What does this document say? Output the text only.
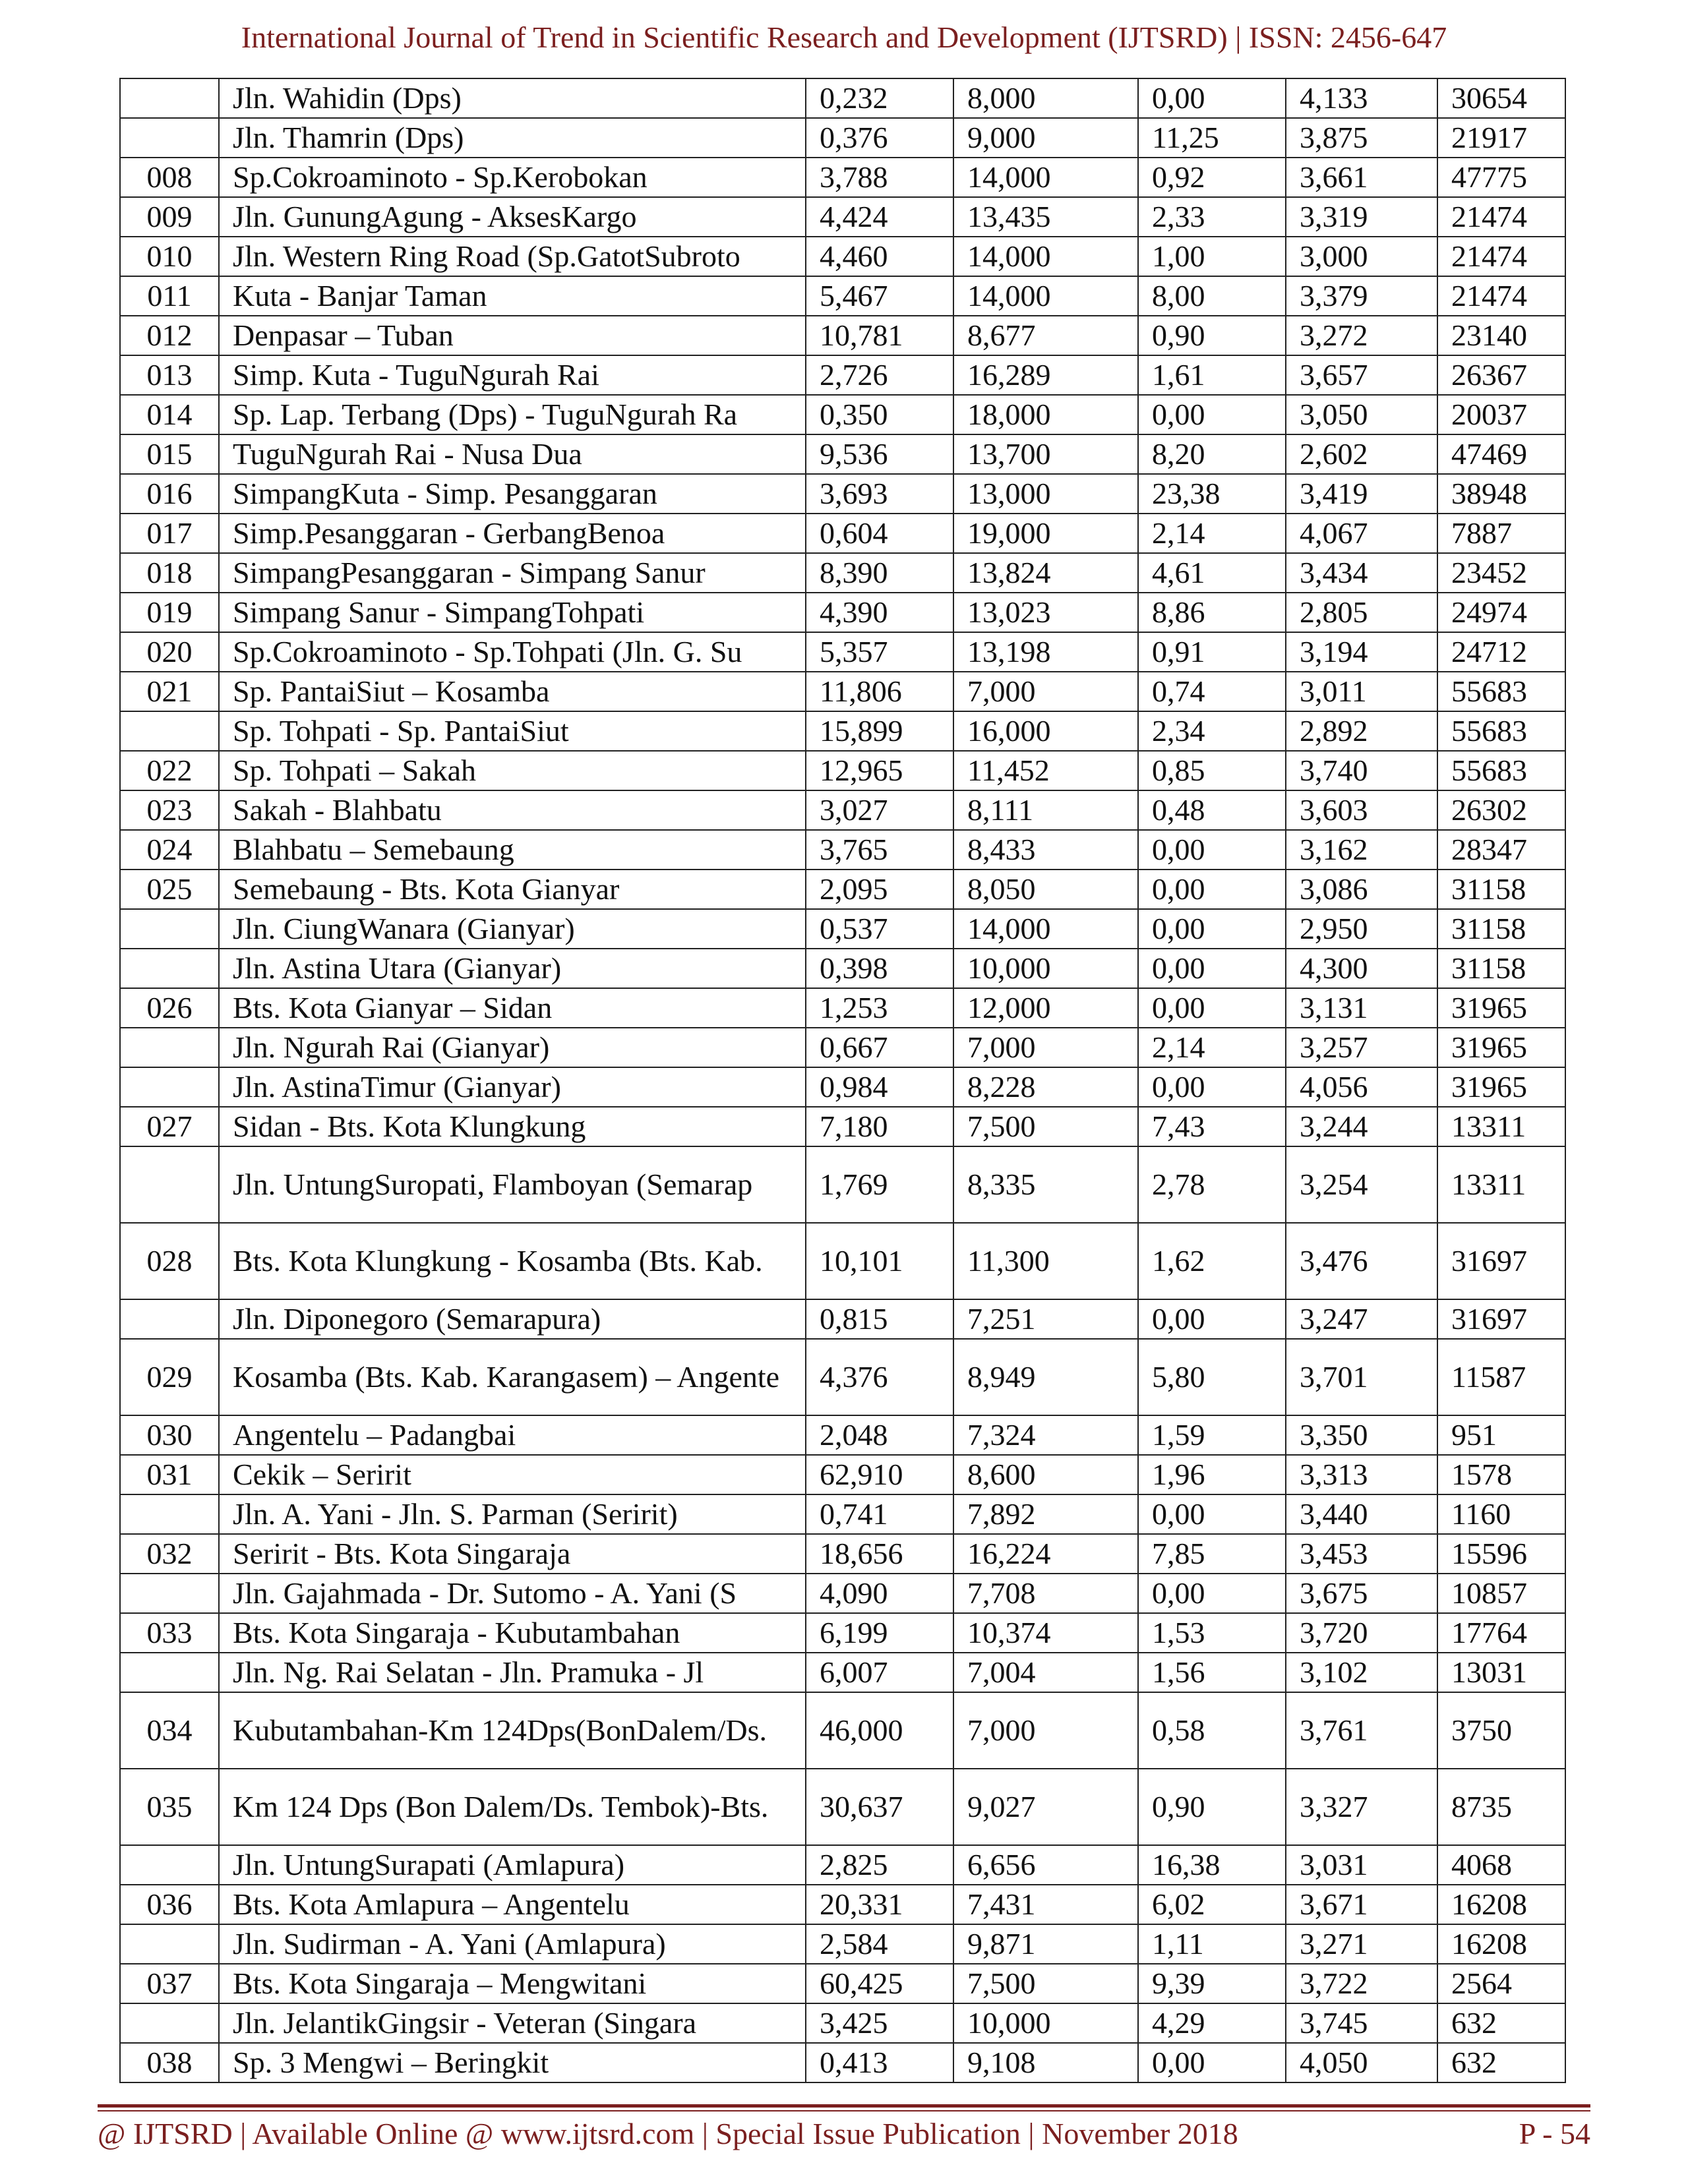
International Journal of Trend in Scientific Research and Development (IJTSRD) | ISSN: 2456-647
	Jln. Wahidin (Dps)	0,232	8,000	0,00	4,133	30654
	Jln. Thamrin (Dps)	0,376	9,000	11,25	3,875	21917
008	Sp.Cokroaminoto - Sp.Kerobokan	3,788	14,000	0,92	3,661	47775
009	Jln. GunungAgung - AksesKargo	4,424	13,435	2,33	3,319	21474
010	Jln. Western Ring Road (Sp.GatotSubroto	4,460	14,000	1,00	3,000	21474
011	Kuta - Banjar Taman	5,467	14,000	8,00	3,379	21474
012	Denpasar – Tuban	10,781	8,677	0,90	3,272	23140
013	Simp. Kuta - TuguNgurah Rai	2,726	16,289	1,61	3,657	26367
014	Sp. Lap. Terbang (Dps) - TuguNgurah Ra	0,350	18,000	0,00	3,050	20037
015	TuguNgurah Rai - Nusa Dua	9,536	13,700	8,20	2,602	47469
016	SimpangKuta - Simp. Pesanggaran	3,693	13,000	23,38	3,419	38948
017	Simp.Pesanggaran - GerbangBenoa	0,604	19,000	2,14	4,067	7887
018	SimpangPesanggaran - Simpang Sanur	8,390	13,824	4,61	3,434	23452
019	Simpang Sanur - SimpangTohpati	4,390	13,023	8,86	2,805	24974
020	Sp.Cokroaminoto - Sp.Tohpati (Jln. G. Su	5,357	13,198	0,91	3,194	24712
021	Sp. PantaiSiut – Kosamba	11,806	7,000	0,74	3,011	55683
	Sp. Tohpati - Sp. PantaiSiut	15,899	16,000	2,34	2,892	55683
022	Sp. Tohpati – Sakah	12,965	11,452	0,85	3,740	55683
023	Sakah - Blahbatu	3,027	8,111	0,48	3,603	26302
024	Blahbatu – Semebaung	3,765	8,433	0,00	3,162	28347
025	Semebaung - Bts. Kota Gianyar	2,095	8,050	0,00	3,086	31158
	Jln. CiungWanara (Gianyar)	0,537	14,000	0,00	2,950	31158
	Jln. Astina Utara (Gianyar)	0,398	10,000	0,00	4,300	31158
026	Bts. Kota Gianyar – Sidan	1,253	12,000	0,00	3,131	31965
	Jln. Ngurah Rai (Gianyar)	0,667	7,000	2,14	3,257	31965
	Jln. AstinaTimur (Gianyar)	0,984	8,228	0,00	4,056	31965
027	Sidan - Bts. Kota Klungkung	7,180	7,500	7,43	3,244	13311
	Jln. UntungSuropati, Flamboyan (Semarap	1,769	8,335	2,78	3,254	13311
028	Bts. Kota Klungkung - Kosamba (Bts. Kab.	10,101	11,300	1,62	3,476	31697
	Jln. Diponegoro (Semarapura)	0,815	7,251	0,00	3,247	31697
029	Kosamba (Bts. Kab. Karangasem) – Angente	4,376	8,949	5,80	3,701	11587
030	Angentelu – Padangbai	2,048	7,324	1,59	3,350	951
031	Cekik – Seririt	62,910	8,600	1,96	3,313	1578
	Jln. A. Yani - Jln. S. Parman (Seririt)	0,741	7,892	0,00	3,440	1160
032	Seririt - Bts. Kota Singaraja	18,656	16,224	7,85	3,453	15596
	Jln. Gajahmada - Dr. Sutomo - A. Yani (S	4,090	7,708	0,00	3,675	10857
033	Bts. Kota Singaraja - Kubutambahan	6,199	10,374	1,53	3,720	17764
	Jln. Ng. Rai Selatan - Jln. Pramuka - Jl	6,007	7,004	1,56	3,102	13031
034	Kubutambahan-Km 124Dps(BonDalem/Ds.	46,000	7,000	0,58	3,761	3750
035	Km 124 Dps (Bon Dalem/Ds. Tembok)-Bts.	30,637	9,027	0,90	3,327	8735
	Jln. UntungSurapati (Amlapura)	2,825	6,656	16,38	3,031	4068
036	Bts. Kota Amlapura – Angentelu	20,331	7,431	6,02	3,671	16208
	Jln. Sudirman - A. Yani (Amlapura)	2,584	9,871	1,11	3,271	16208
037	Bts. Kota Singaraja – Mengwitani	60,425	7,500	9,39	3,722	2564
	Jln. JelantikGingsir - Veteran (Singara	3,425	10,000	4,29	3,745	632
038	Sp. 3 Mengwi – Beringkit	0,413	9,108	0,00	4,050	632
@ IJTSRD | Available Online @ www.ijtsrd.com | Special Issue Publication | November 2018	P - 54
